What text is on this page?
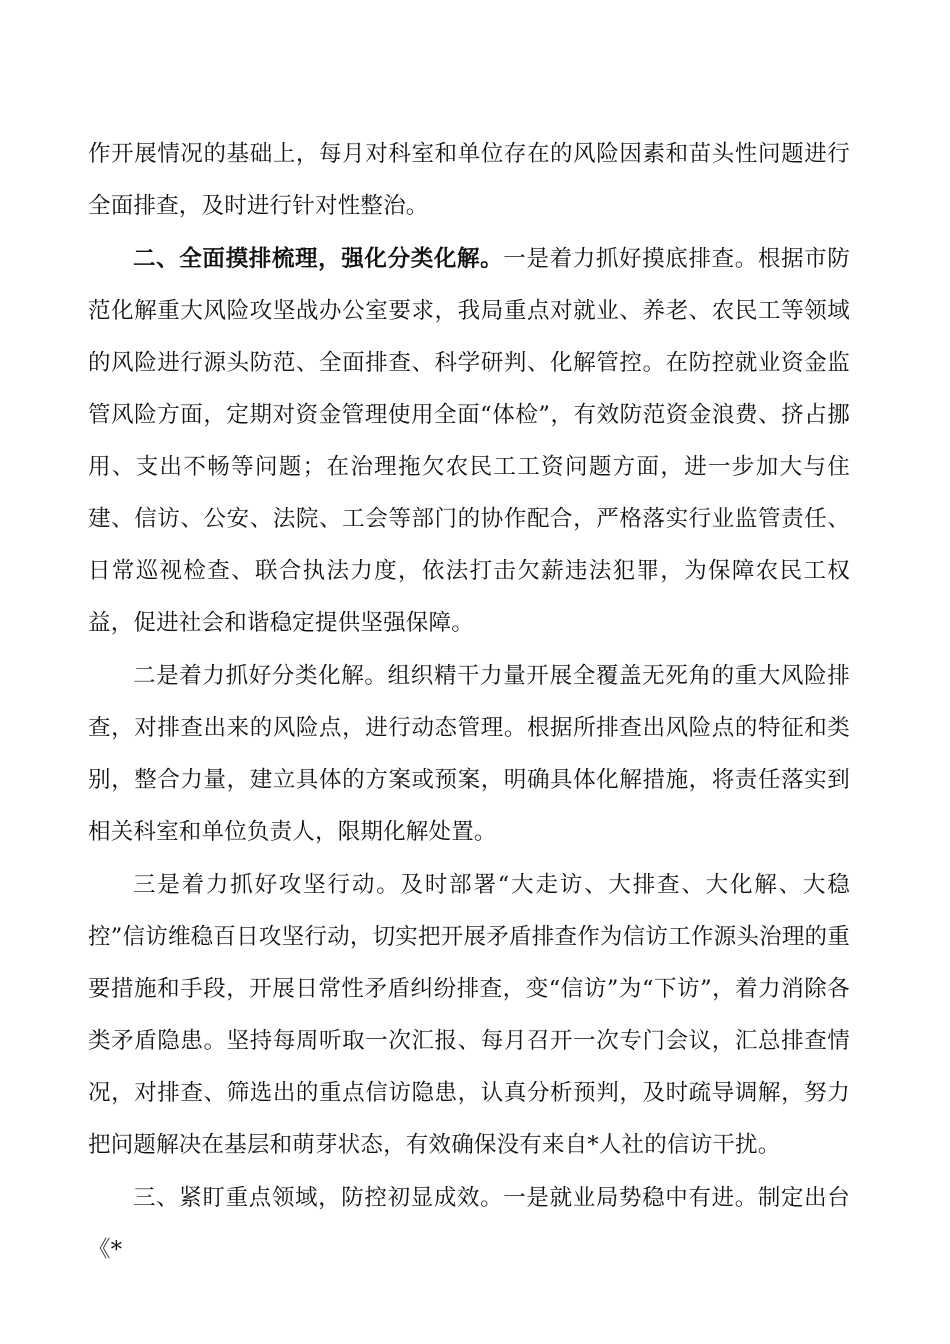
作开展情况的基础上，每月对科室和单位存在的风险因素和苗头性问题进行全面排查，及时进行针对性整治。

二、全面摸排梳理，强化分类化解。一是着力抓好摸底排查。根据市防范化解重大风险攻坚战办公室要求，我局重点对就业、养老、农民工等领域的风险进行源头防范、全面排查、科学研判、化解管控。在防控就业资金监管风险方面，定期对资金管理使用全面“体检”，有效防范资金浪费、挤占挪用、支出不畅等问题；在治理拖欠农民工工资问题方面，进一步加大与住建、信访、公安、法院、工会等部门的协作配合，严格落实行业监管责任、日常巡视检查、联合执法力度，依法打击欠薪违法犯罪，为保障农民工权益，促进社会和谐稳定提供坚强保障。

二是着力抓好分类化解。组织精干力量开展全覆盖无死角的重大风险排查，对排查出来的风险点，进行动态管理。根据所排查出风险点的特征和类别，整合力量，建立具体的方案或预案，明确具体化解措施，将责任落实到相关科室和单位负责人，限期化解处置。

三是着力抓好攻坚行动。及时部署“大走访、大排查、大化解、大稳控”信访维稳百日攻坚行动，切实把开展矛盾排查作为信访工作源头治理的重要措施和手段，开展日常性矛盾纠纷排查，变“信访”为“下访”，着力消除各类矛盾隐患。坚持每周听取一次汇报、每月召开一次专门会议，汇总排查情况，对排查、筛选出的重点信访隐患，认真分析预判，及时疏导调解，努力把问题解决在基层和萌芽状态，有效确保没有来自*人社的信访干扰。

三、紧盯重点领域，防控初显成效。一是就业局势稳中有进。制定出台《*
